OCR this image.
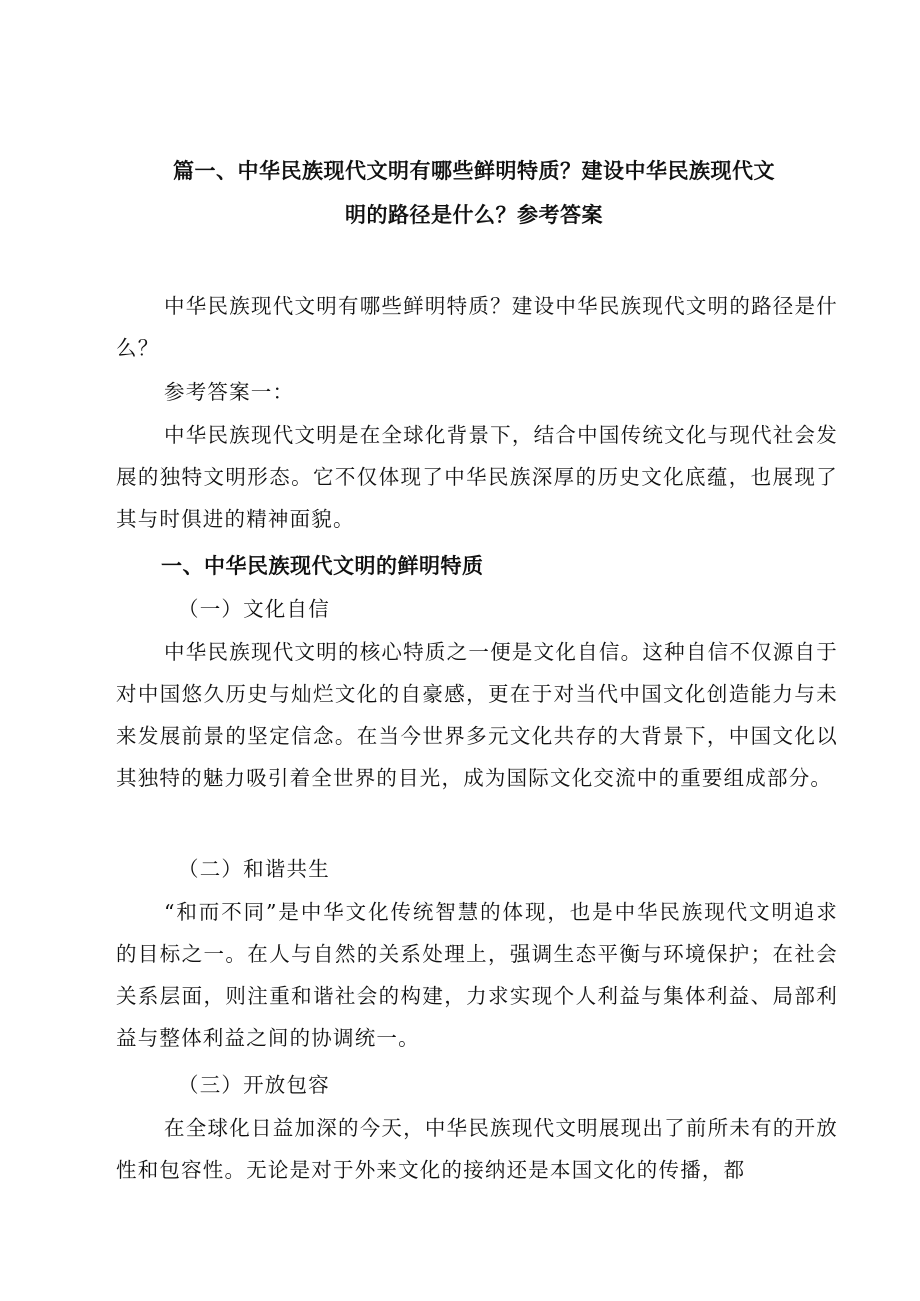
篇一、中华民族现代文明有哪些鲜明特质？建设中华民族现代文
明的路径是什么？参考答案
中华民族现代文明有哪些鲜明特质？建设中华民族现代文明的路径是什么？
参考答案一：
中华民族现代文明是在全球化背景下，结合中国传统文化与现代社会发展的独特文明形态。它不仅体现了中华民族深厚的历史文化底蕴，也展现了其与时俱进的精神面貌。
一、中华民族现代文明的鲜明特质
（一）文化自信
中华民族现代文明的核心特质之一便是文化自信。这种自信不仅源自于对中国悠久历史与灿烂文化的自豪感，更在于对当代中国文化创造能力与未来发展前景的坚定信念。在当今世界多元文化共存的大背景下，中国文化以其独特的魅力吸引着全世界的目光，成为国际文化交流中的重要组成部分。
（二）和谐共生
“和而不同”是中华文化传统智慧的体现，也是中华民族现代文明追求的目标之一。在人与自然的关系处理上，强调生态平衡与环境保护；在社会关系层面，则注重和谐社会的构建，力求实现个人利益与集体利益、局部利益与整体利益之间的协调统一。
（三）开放包容
在全球化日益加深的今天，中华民族现代文明展现出了前所未有的开放性和包容性。无论是对于外来文化的接纳还是本国文化的传播，都
